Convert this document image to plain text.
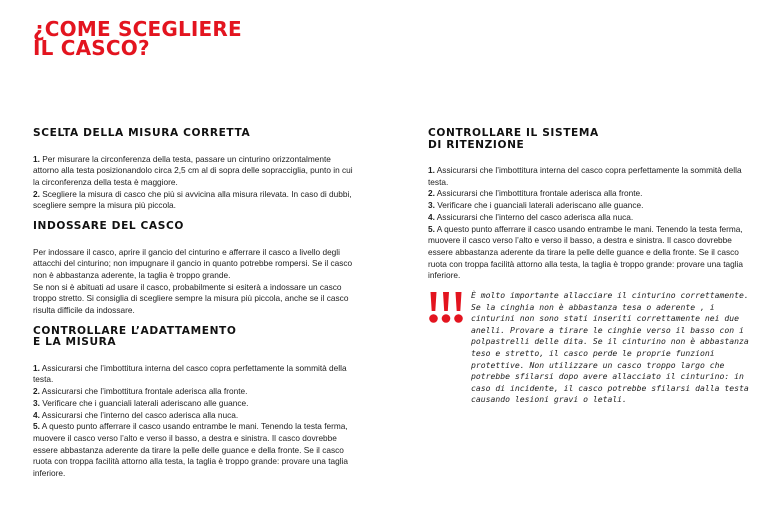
¿COME SCEGLIERE
IL CASCO?
SCELTA DELLA MISURA CORRETTA

1. Per misurare la circonferenza della testa, passare un cinturino orizzontalmente attorno alla testa posizionandolo circa 2,5 cm al di sopra delle sopracciglia, punto in cui la circonferenza della testa è maggiore.

2. Scegliere la misura di casco che più si avvicina alla misura rilevata. In caso di dubbi, scegliere sempre la misura più piccola.

INDOSSARE DEL CASCO

Per indossare il casco, aprire il gancio del cinturino e afferrare il casco a livello degli attacchi del cinturino; non impugnare il gancio in quanto potrebbe rompersi. Se il casco non è abbastanza aderente, la taglia è troppo grande.

Se non si è abituati ad usare il casco, probabilmente si esiterà a indossare un casco troppo stretto. Si consiglia di scegliere sempre la misura più piccola, anche se il casco risulta difficile da indossare.

CONTROLLARE L’ADATTAMENTO
E LA MISURA

1. Assicurarsi che l’imbottitura interna del casco copra perfettamente la sommità della testa.

2. Assicurarsi che l’imbottitura frontale aderisca alla fronte.

3. Verificare che i guanciali laterali aderiscano alle guance.

4. Assicurarsi che l’interno del casco aderisca alla nuca.

5. A questo punto afferrare il casco usando entrambe le mani. Tenendo la testa ferma, muovere il casco verso l’alto e verso il basso, a destra e sinistra. Il casco dovrebbe essere abbastanza aderente da tirare la pelle delle guance e della fronte. Se il casco ruota con troppa facilità attorno alla testa, la taglia è troppo grande: provare una taglia inferiore.

CONTROLLARE IL SISTEMA
DI RITENZIONE

1. Assicurarsi che l’imbottitura interna del casco copra perfettamente la sommità della testa.

2. Assicurarsi che l’imbottitura frontale aderisca alla fronte.

3. Verificare che i guanciali laterali aderiscano alle guance.

4. Assicurarsi che l’interno del casco aderisca alla nuca.

5. A questo punto afferrare il casco usando entrambe le mani. Tenendo la testa ferma, muovere il casco verso l’alto e verso il basso, a destra e sinistra. Il casco dovrebbe essere abbastanza aderente da tirare la pelle delle guance e della fronte. Se il casco ruota con troppa facilità attorno alla testa, la taglia è troppo grande: provare una taglia inferiore.

È molto importante allacciare il cinturino correttamente. Se la cinghia non è abbastanza tesa o aderente , i cinturini non sono stati inseriti correttamente nei due anelli. Provare a tirare le cinghie verso il basso con i polpastrelli delle dita. Se il cinturino non è abbastanza teso e stretto, il casco perde le proprie funzioni protettive. Non utilizzare un casco troppo largo che potrebbe sfilarsi dopo avere allacciato il cinturino: in caso di incidente, il casco potrebbe sfilarsi dalla testa causando lesioni gravi o letali.
